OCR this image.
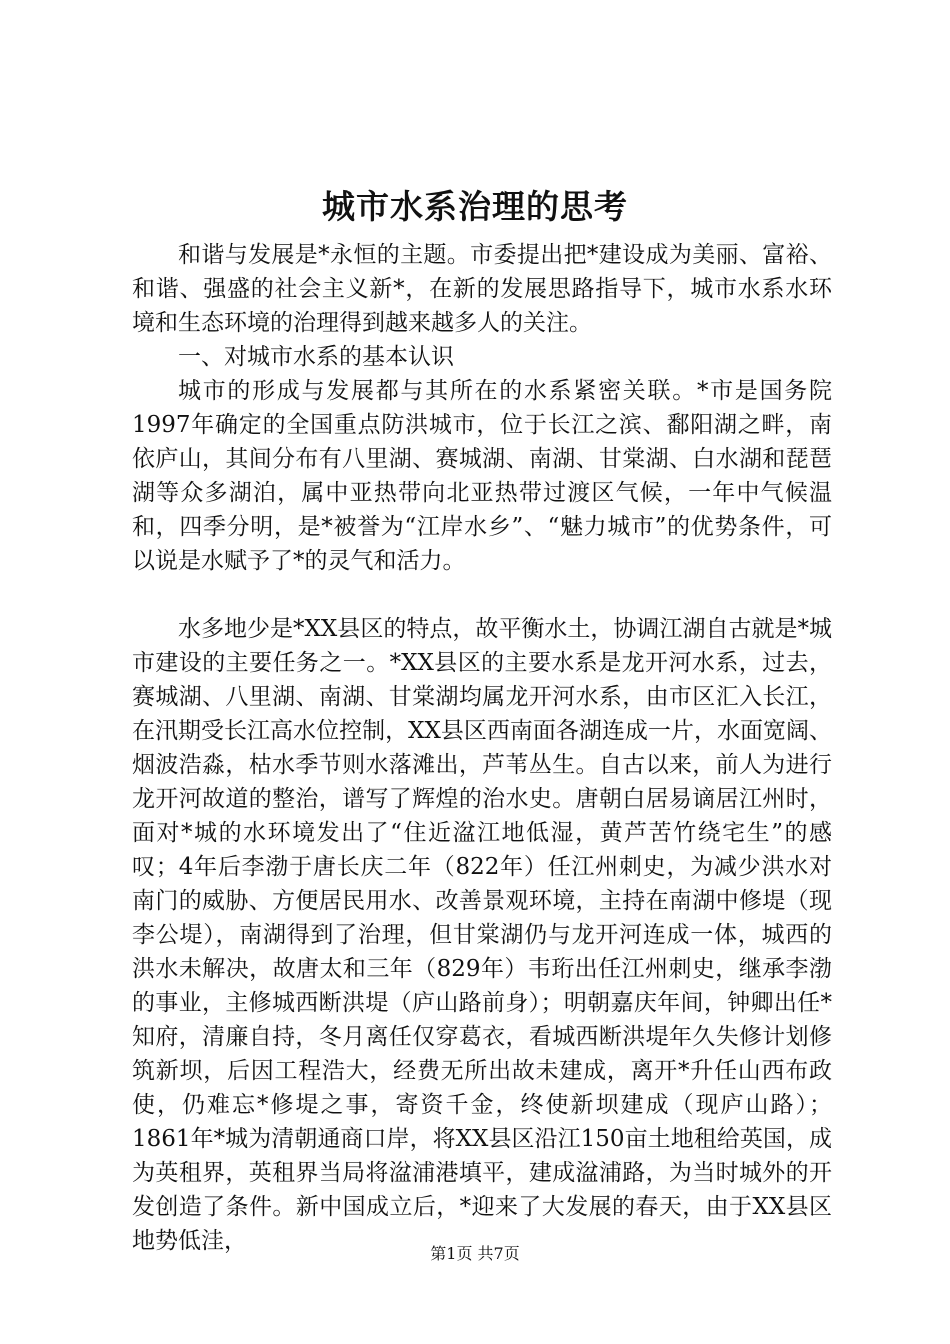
城市水系治理的思考

和谐与发展是*永恒的主题。市委提出把*建设成为美丽、富裕、和谐、强盛的社会主义新*，在新的发展思路指导下，城市水系水环境和生态环境的治理得到越来越多人的关注。

一、对城市水系的基本认识

城市的形成与发展都与其所在的水系紧密关联。*市是国务院1997年确定的全国重点防洪城市，位于长江之滨、鄱阳湖之畔，南依庐山，其间分布有八里湖、赛城湖、南湖、甘棠湖、白水湖和琵琶湖等众多湖泊，属中亚热带向北亚热带过渡区气候，一年中气候温和，四季分明，是*被誉为“江岸水乡”、“魅力城市”的优势条件，可以说是水赋予了*的灵气和活力。

水多地少是*XX县区的特点，故平衡水土，协调江湖自古就是*城市建设的主要任务之一。*XX县区的主要水系是龙开河水系，过去，赛城湖、八里湖、南湖、甘棠湖均属龙开河水系，由市区汇入长江，在汛期受长江高水位控制，XX县区西南面各湖连成一片，水面宽阔、烟波浩淼，枯水季节则水落滩出，芦苇丛生。自古以来，前人为进行龙开河故道的整治，谱写了辉煌的治水史。唐朝白居易谪居江州时，面对*城的水环境发出了“住近湓江地低湿，黄芦苦竹绕宅生”的感叹；4年后李渤于唐长庆二年（822年）任江州刺史，为减少洪水对南门的威胁、方便居民用水、改善景观环境，主持在南湖中修堤（现李公堤），南湖得到了治理，但甘棠湖仍与龙开河连成一体，城西的洪水未解决，故唐太和三年（829年）韦珩出任江州刺史，继承李渤的事业，主修城西断洪堤（庐山路前身）；明朝嘉庆年间，钟卿出任*知府，清廉自持，冬月离任仅穿葛衣，看城西断洪堤年久失修计划修筑新坝，后因工程浩大，经费无所出故未建成，离开*升任山西布政使，仍难忘*修堤之事，寄资千金，终使新坝建成（现庐山路）；1861年*城为清朝通商口岸，将XX县区沿江150亩土地租给英国，成为英租界，英租界当局将湓浦港填平，建成湓浦路，为当时城外的开发创造了条件。新中国成立后，*迎来了大发展的春天，由于XX县区地势低洼，	第1页 共7页
